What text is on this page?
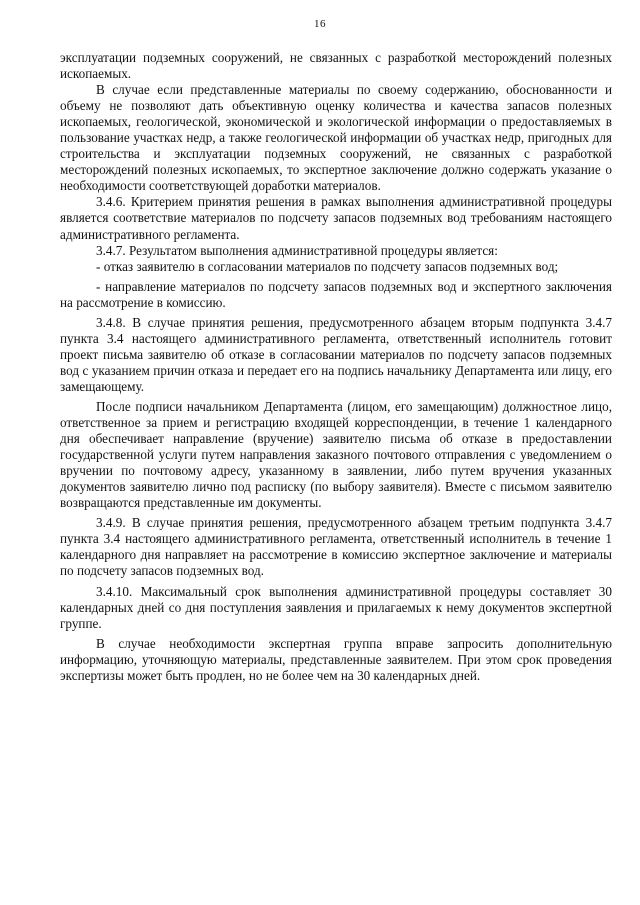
16

эксплуатации подземных сооружений, не связанных с разработкой месторождений полезных ископаемых.

В случае если представленные материалы по своему содержанию, обоснованности и объему не позволяют дать объективную оценку количества и качества запасов полезных ископаемых, геологической, экономической и экологической информации о предоставляемых в пользование участках недр, а также геологической информации об участках недр, пригодных для строительства и эксплуатации подземных сооружений, не связанных с разработкой месторождений полезных ископаемых, то экспертное заключение должно содержать указание о необходимости соответствующей доработки материалов.

3.4.6. Критерием принятия решения в рамках выполнения административной процедуры является соответствие материалов по подсчету запасов подземных вод требованиям настоящего административного регламента.

3.4.7. Результатом выполнения административной процедуры является:

- отказ заявителю в согласовании материалов по подсчету запасов подземных вод;

- направление материалов по подсчету запасов подземных вод и экспертного заключения на рассмотрение в комиссию.

3.4.8. В случае принятия решения, предусмотренного абзацем вторым подпункта 3.4.7 пункта 3.4 настоящего административного регламента, ответственный исполнитель готовит проект письма заявителю об отказе в согласовании материалов по подсчету запасов подземных вод с указанием причин отказа и передает его на подпись начальнику Департамента или лицу, его замещающему.

После подписи начальником Департамента (лицом, его замещающим) должностное лицо, ответственное за прием и регистрацию входящей корреспонденции, в течение 1 календарного дня обеспечивает направление (вручение) заявителю письма об отказе в предоставлении государственной услуги путем направления заказного почтового отправления с уведомлением о вручении по почтовому адресу, указанному в заявлении, либо путем вручения указанных документов заявителю лично под расписку (по выбору заявителя). Вместе с письмом заявителю возвращаются представленные им документы.

3.4.9. В случае принятия решения, предусмотренного абзацем третьим подпункта 3.4.7 пункта 3.4 настоящего административного регламента, ответственный исполнитель в течение 1 календарного дня направляет на рассмотрение в комиссию экспертное заключение и материалы по подсчету запасов подземных вод.

3.4.10. Максимальный срок выполнения административной процедуры составляет 30 календарных дней со дня поступления заявления и прилагаемых к нему документов экспертной группе.

В случае необходимости экспертная группа вправе запросить дополнительную информацию, уточняющую материалы, представленные заявителем. При этом срок проведения экспертизы может быть продлен, но не более чем на 30 календарных дней.
